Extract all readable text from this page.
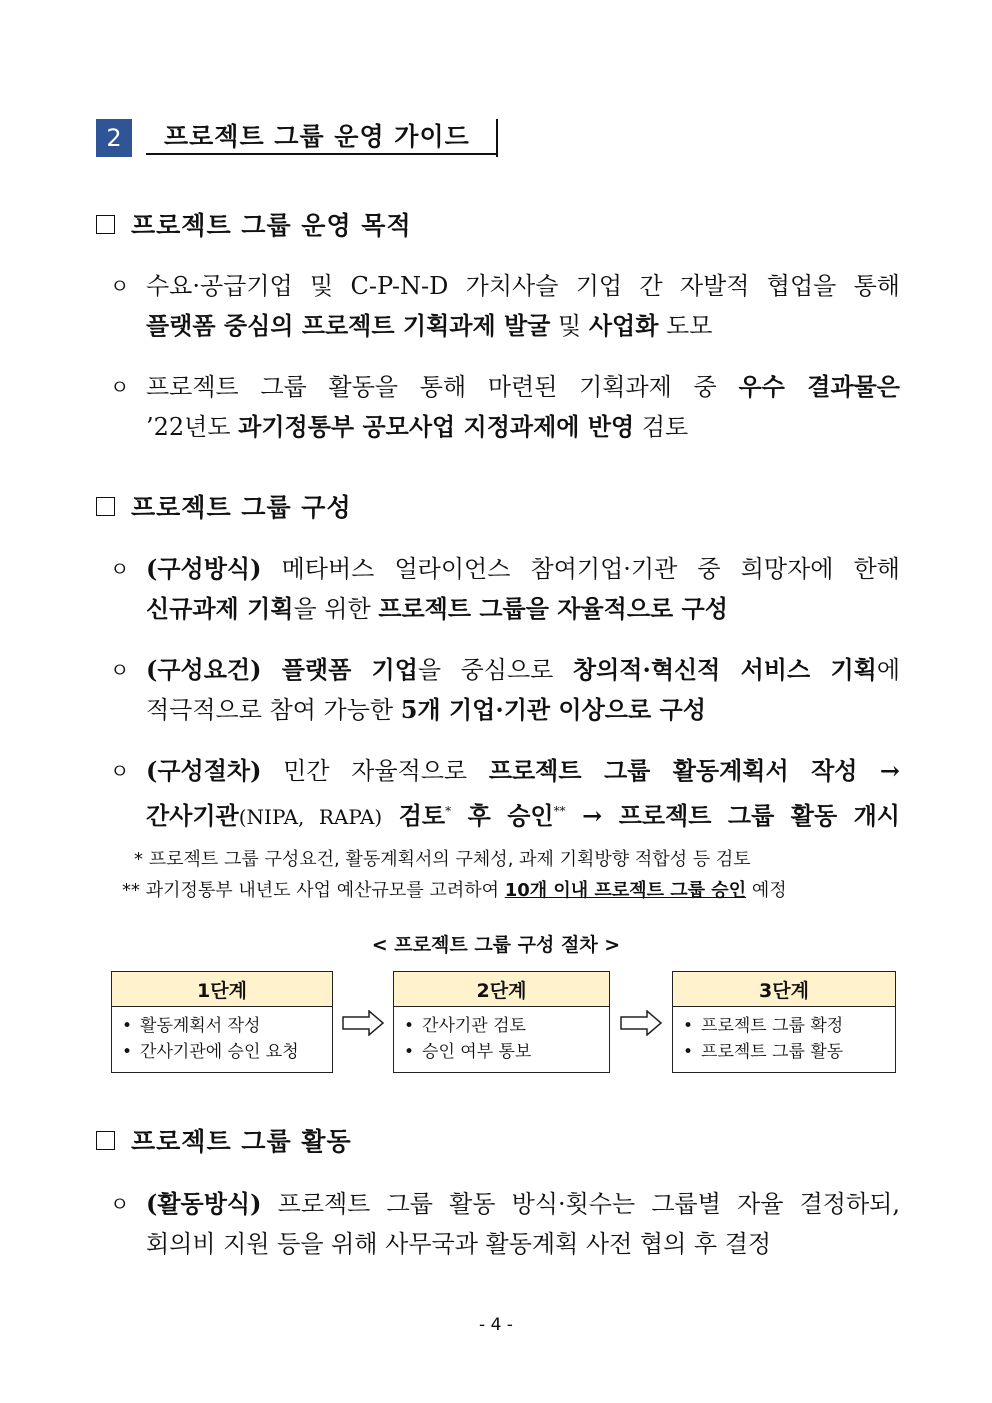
2	프로젝트 그룹 운영 가이드
프로젝트 그룹 운영 목적
ㅇ 수요·공급기업 및 C-P-N-D 가치사슬 기업 간 자발적 협업을 통해
플랫폼 중심의 프로젝트 기획과제 발굴 및 사업화 도모
ㅇ 프로젝트 그룹 활동을 통해 마련된 기획과제 중 우수 결과물은
’22년도 과기정통부 공모사업 지정과제에 반영 검토
프로젝트 그룹 구성
ㅇ (구성방식) 메타버스 얼라이언스 참여기업·기관 중 희망자에 한해
신규과제 기획을 위한 프로젝트 그룹을 자율적으로 구성
ㅇ (구성요건) 플랫폼 기업을 중심으로 창의적·혁신적 서비스 기획에
적극적으로 참여 가능한 5개 기업·기관 이상으로 구성
ㅇ (구성절차) 민간 자율적으로 프로젝트 그룹 활동계획서 작성 →
간사기관(NIPA, RAPA) 검토* 후 승인** → 프로젝트 그룹 활동 개시
* 프로젝트 그룹 구성요건, 활동계획서의 구체성, 과제 기획방향 적합성 등 검토
** 과기정통부 내년도 사업 예산규모를 고려하여 10개 이내 프로젝트 그룹 승인 예정
< 프로젝트 그룹 구성 절차 >
1단계
• 활동계획서 작성
• 간사기관에 승인 요청
2단계
• 간사기관 검토
• 승인 여부 통보
3단계
• 프로젝트 그룹 확정
• 프로젝트 그룹 활동
프로젝트 그룹 활동
ㅇ (활동방식) 프로젝트 그룹 활동 방식·횟수는 그룹별 자율 결정하되,
회의비 지원 등을 위해 사무국과 활동계획 사전 협의 후 결정
- 4 -
